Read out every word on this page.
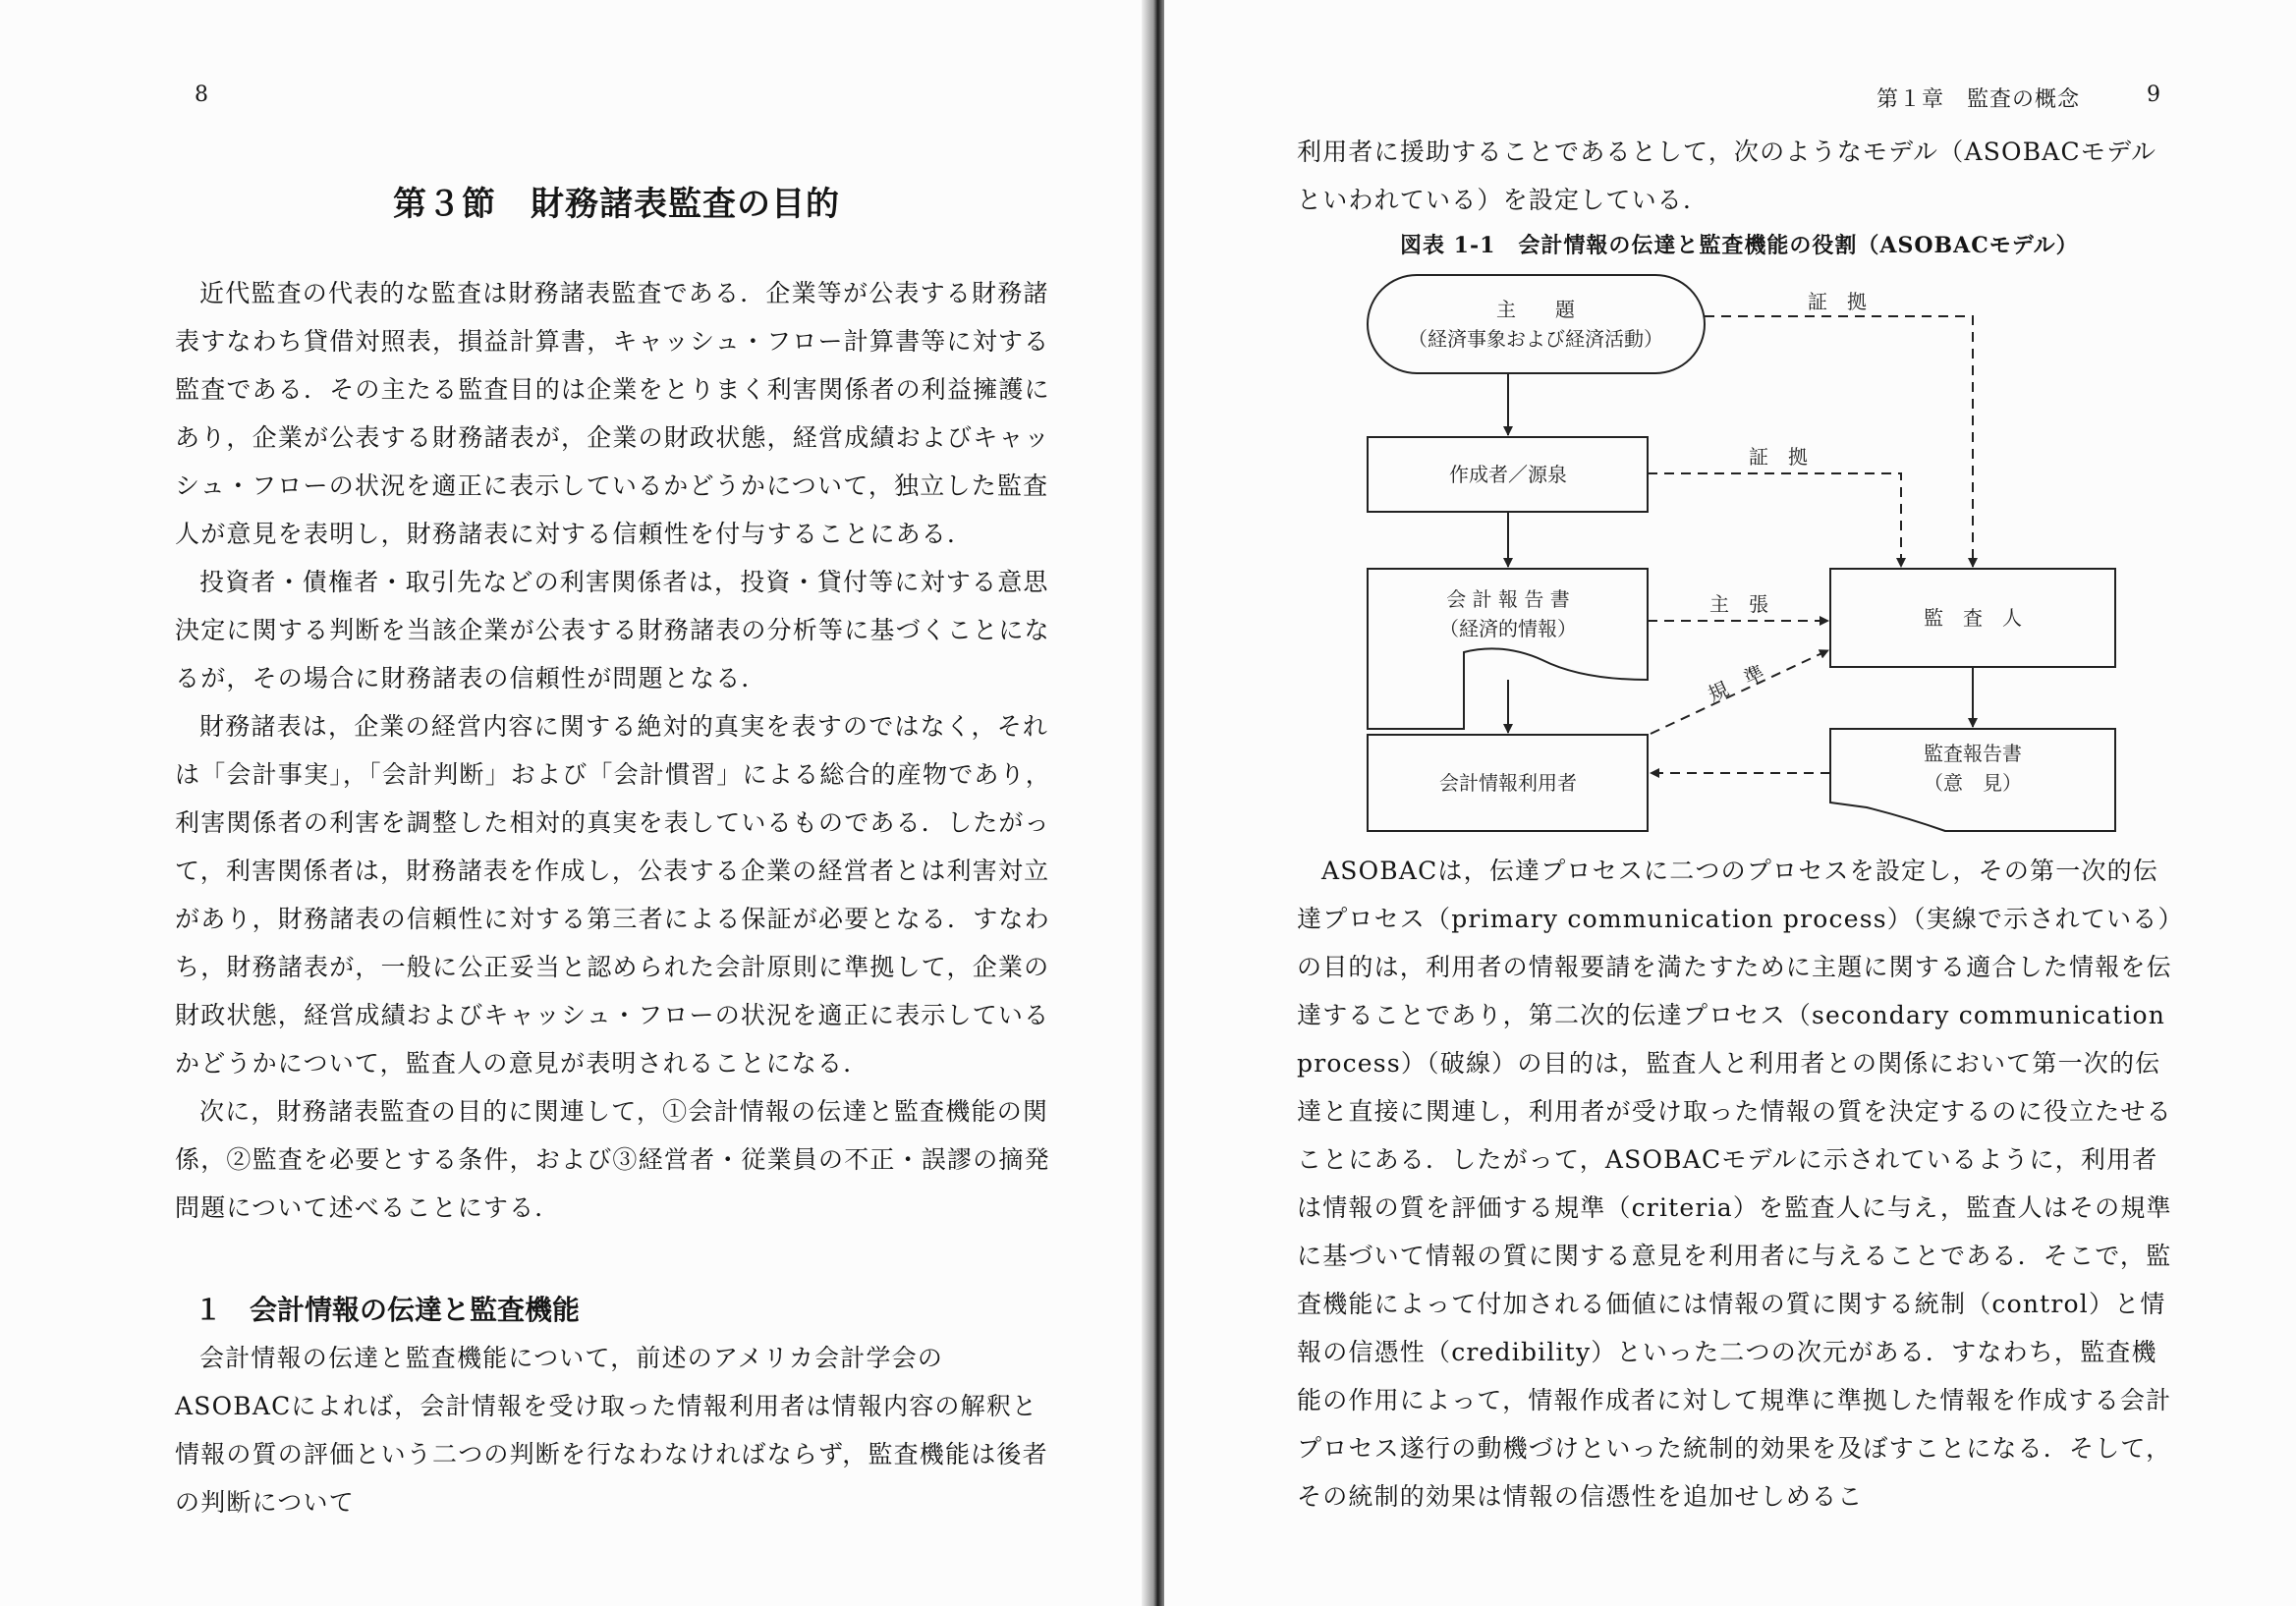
8
第３節　財務諸表監査の目的

近代監査の代表的な監査は財務諸表監査である．企業等が公表する財務諸表すなわち貸借対照表，損益計算書，キャッシュ・フロー計算書等に対する監査である．その主たる監査目的は企業をとりまく利害関係者の利益擁護にあり，企業が公表する財務諸表が，企業の財政状態，経営成績およびキャッシュ・フローの状況を適正に表示しているかどうかについて，独立した監査人が意見を表明し，財務諸表に対する信頼性を付与することにある．

投資者・債権者・取引先などの利害関係者は，投資・貸付等に対する意思決定に関する判断を当該企業が公表する財務諸表の分析等に基づくことになるが，その場合に財務諸表の信頼性が問題となる．

財務諸表は，企業の経営内容に関する絶対的真実を表すのではなく，それは「会計事実」，「会計判断」および「会計慣習」による総合的産物であり，利害関係者の利害を調整した相対的真実を表しているものである．したがって，利害関係者は，財務諸表を作成し，公表する企業の経営者とは利害対立があり，財務諸表の信頼性に対する第三者による保証が必要となる．すなわち，財務諸表が，一般に公正妥当と認められた会計原則に準拠して，企業の財政状態，経営成績およびキャッシュ・フローの状況を適正に表示しているかどうかについて，監査人の意見が表明されることになる．

次に，財務諸表監査の目的に関連して，①会計情報の伝達と監査機能の関係，②監査を必要とする条件，および③経営者・従業員の不正・誤謬の摘発問題について述べることにする．

１　会計情報の伝達と監査機能

会計情報の伝達と監査機能について，前述のアメリカ会計学会のASOBACによれば，会計情報を受け取った情報利用者は情報内容の解釈と情報の質の評価という二つの判断を行なわなければならず，監査機能は後者の判断について

第１章　監査の概念	9

利用者に援助することであるとして，次のようなモデル（ASOBACモデルといわれている）を設定している．

図表 1-1　会計情報の伝達と監査機能の役割（ASOBACモデル）

ASOBACは，伝達プロセスに二つのプロセスを設定し，その第一次的伝達プロセス（primary communication process）（実線で示されている）の目的は，利用者の情報要請を満たすために主題に関する適合した情報を伝達することであり，第二次的伝達プロセス（secondary communication process）（破線）の目的は，監査人と利用者との関係において第一次的伝達と直接に関連し，利用者が受け取った情報の質を決定するのに役立たせることにある．したがって，ASOBACモデルに示されているように，利用者は情報の質を評価する規準（criteria）を監査人に与え，監査人はその規準に基づいて情報の質に関する意見を利用者に与えることである．そこで，監査機能によって付加される価値には情報の質に関する統制（control）と情報の信憑性（credibility）といった二つの次元がある．すなわち，監査機能の作用によって，情報作成者に対して規準に準拠した情報を作成する会計プロセス遂行の動機づけといった統制的効果を及ぼすことになる．そして，その統制的効果は情報の信憑性を追加せしめるこ

主　　題
（経済事象および経済活動）
作成者／源泉
会 計 報 告 書
（経済的情報）
会計情報利用者
監　査　人
監査報告書
（意　見）
証　拠
証　拠
主　張
規　準
